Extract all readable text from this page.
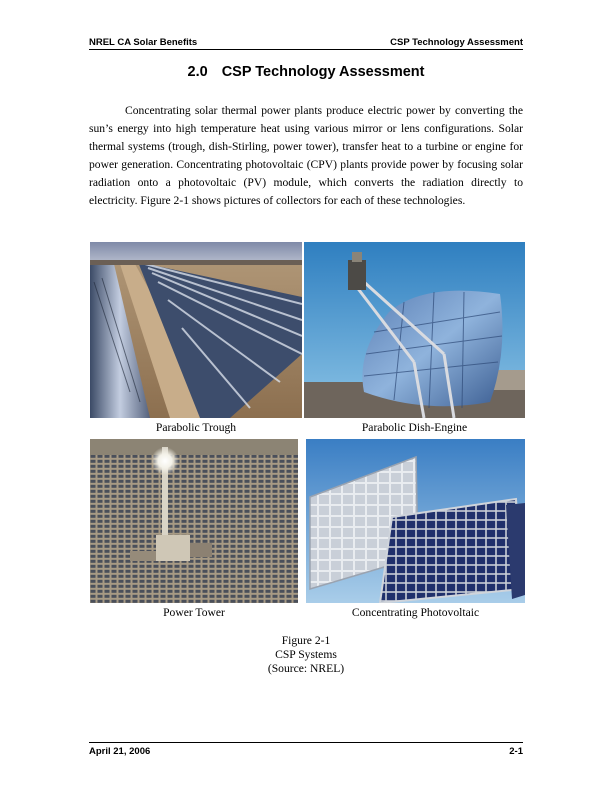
NREL CA Solar Benefits	CSP Technology Assessment
2.0 CSP Technology Assessment

Concentrating solar thermal power plants produce electric power by converting the sun’s energy into high temperature heat using various mirror or lens configurations. Solar thermal systems (trough, dish-Stirling, power tower), transfer heat to a turbine or engine for power generation. Concentrating photovoltaic (CPV) plants provide power by focusing solar radiation onto a photovoltaic (PV) module, which converts the radiation directly to electricity. Figure 2-1 shows pictures of collectors for each of these technologies.

Parabolic Trough	Parabolic Dish-Engine
Power Tower	Concentrating Photovoltaic
Figure 2-1
CSP Systems
(Source: NREL)
April 21, 2006	2-1
